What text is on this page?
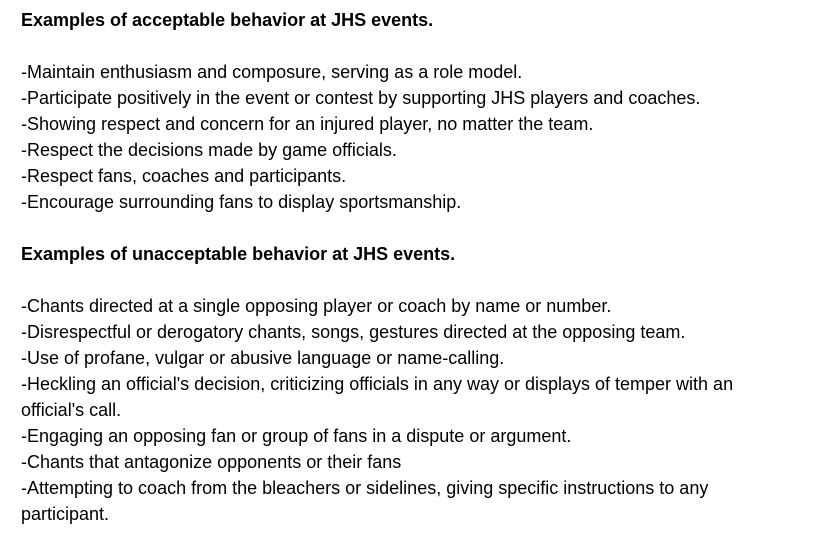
Examples of acceptable behavior at JHS events.

-Maintain enthusiasm and composure, serving as a role model.
-Participate positively in the event or contest by supporting JHS players and coaches.
-Showing respect and concern for an injured player, no matter the team.
-Respect the decisions made by game officials.
-Respect fans, coaches and participants.
-Encourage surrounding fans to display sportsmanship.

Examples of unacceptable behavior at JHS events.

-Chants directed at a single opposing player or coach by name or number.
-Disrespectful or derogatory chants, songs, gestures directed at the opposing team.
-Use of profane, vulgar or abusive language or name-calling.
-Heckling an official's decision, criticizing officials in any way or displays of temper with an official's call.
-Engaging an opposing fan or group of fans in a dispute or argument.
-Chants that antagonize opponents or their fans
-Attempting to coach from the bleachers or sidelines, giving specific instructions to any participant.
